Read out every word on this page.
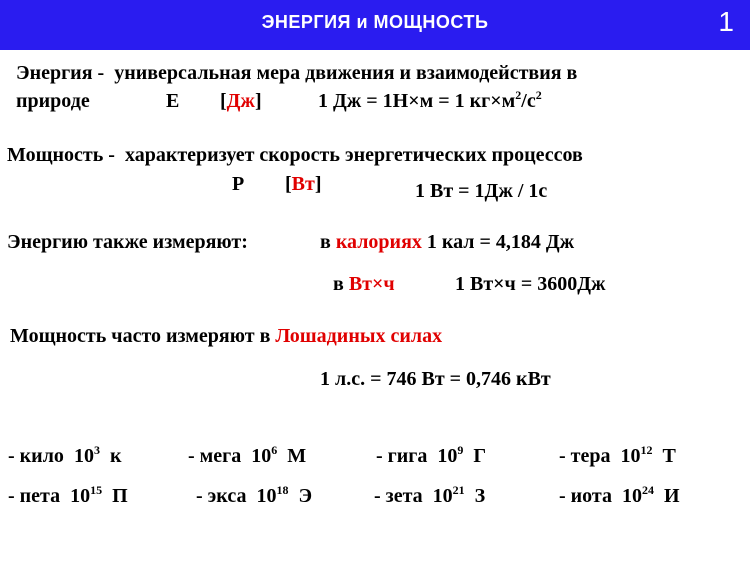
ЭНЕРГИЯ и МОЩНОСТЬ	1
Энергия - универсальная мера движения и взаимодействия в
природе	E [Дж]	1 Дж = 1Н×м = 1 $кг\times м^2/с^2$
Мощность - характеризует скорость энергетических процессов
P [Вт]	1 Вт = 1Дж / 1с
Энергию также измеряют:	в калориях 1 кал = 4,184 Дж
в Вт×ч	1 Вт×ч = 3600Дж
Мощность часто измеряют в Лошадиных силах
1 л.с. = 746 Вт = 0,746 кВт
- кило $10^3$ к	- мега $10^6$ М	- гига $10^9$ Г	- тера $10^{12}$ Т
- пета $10^{15}$ П	- экса $10^{18}$ Э	- зета $10^{21}$ З	- иота $10^{24}$ И
